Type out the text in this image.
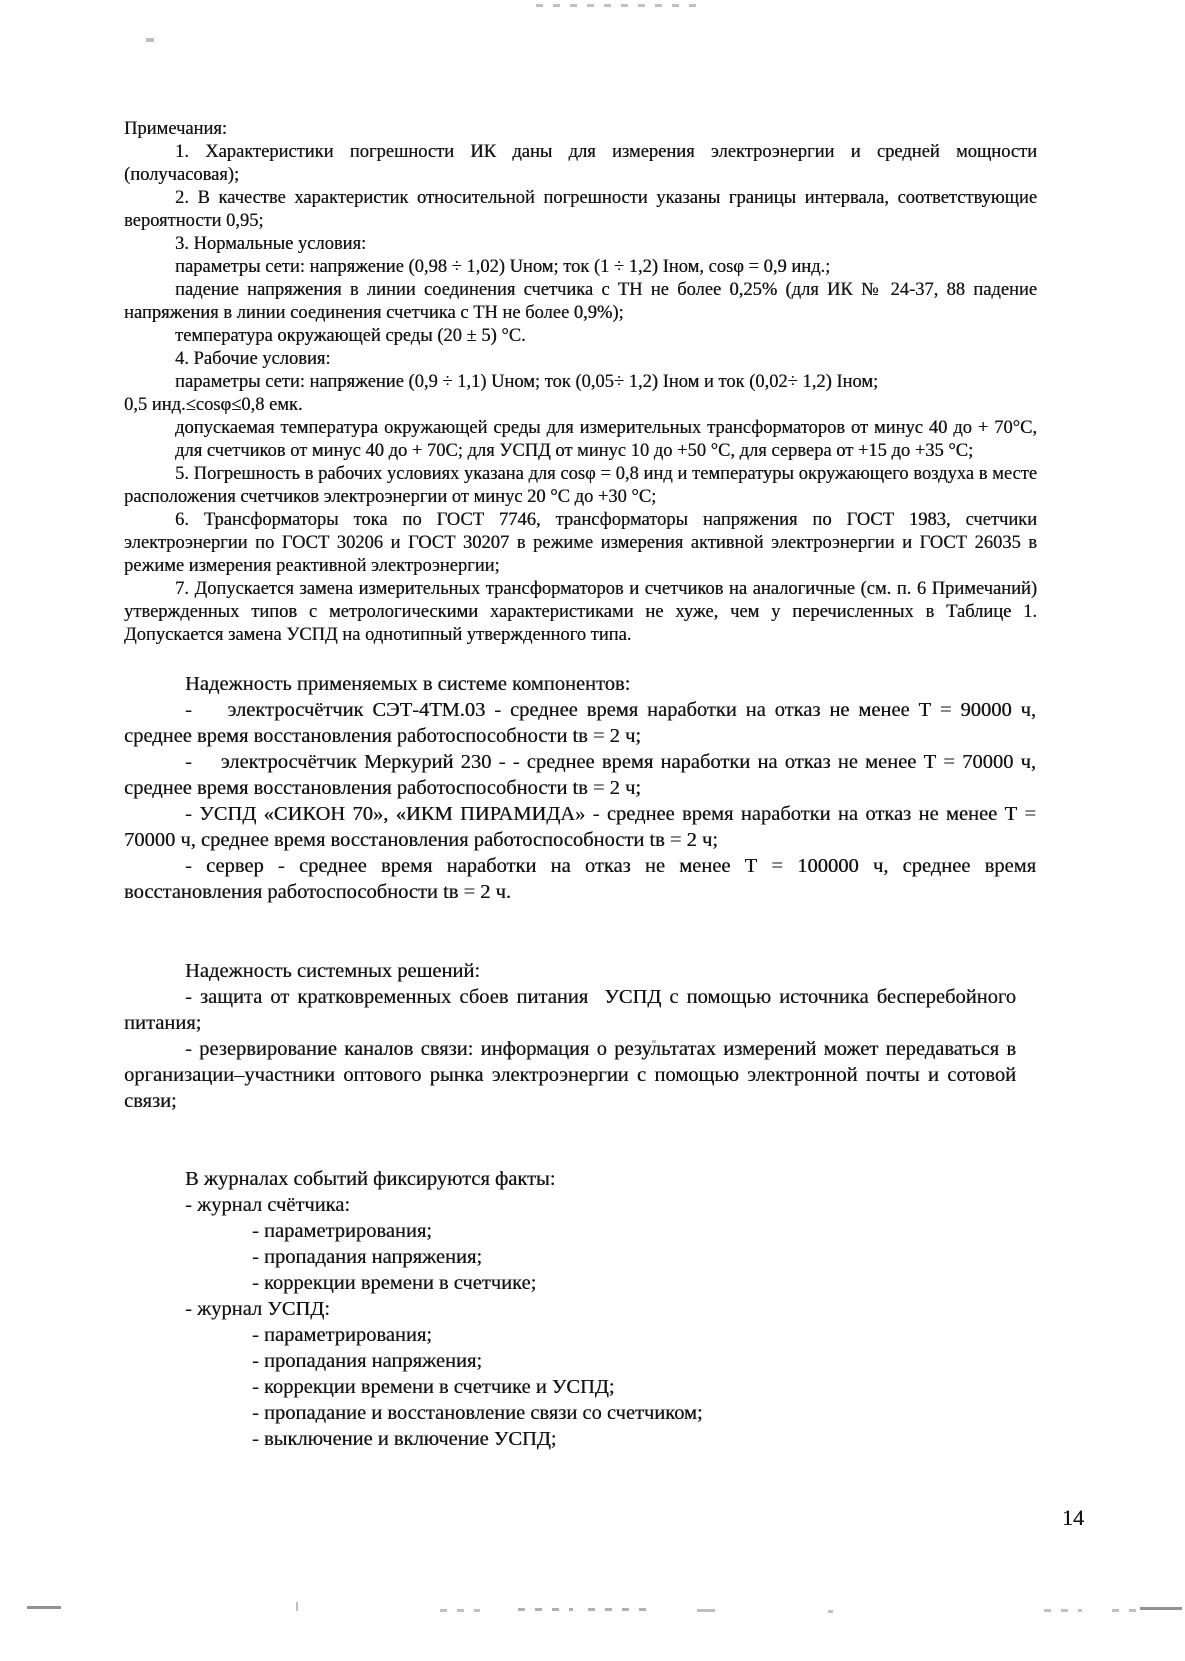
Примечания:

1. Характеристики погрешности ИК даны для измерения электроэнергии и средней мощности (получасовая);

2. В качестве характеристик относительной погрешности указаны границы интервала, соответствующие вероятности 0,95;

3. Нормальные условия:

параметры сети: напряжение (0,98 ÷ 1,02) Uном; ток (1 ÷ 1,2) Iном, cosφ = 0,9 инд.;

падение напряжения в линии соединения счетчика с ТН не более 0,25% (для ИК № 24-37, 88 падение напряжения в линии соединения счетчика с ТН не более 0,9%);

температура окружающей среды (20 ± 5) °С.

4. Рабочие условия:

параметры сети: напряжение (0,9 ÷ 1,1) Uном; ток (0,05÷ 1,2) Iном и ток (0,02÷ 1,2) Iном;

0,5 инд.≤cosφ≤0,8 емк.

допускаемая температура окружающей среды для измерительных трансформаторов от минус 40 до + 70°С, для счетчиков от минус 40 до + 70С; для УСПД от минус 10 до +50 °С, для сервера от +15 до +35 °С;

5. Погрешность в рабочих условиях указана для cosφ = 0,8 инд и температуры окружающего воздуха в месте расположения счетчиков электроэнергии от минус 20 °С до +30 °С;

6. Трансформаторы тока по ГОСТ 7746, трансформаторы напряжения по ГОСТ 1983, счетчики электроэнергии по ГОСТ 30206 и ГОСТ 30207 в режиме измерения активной электроэнергии и ГОСТ 26035 в режиме измерения реактивной электроэнергии;

7. Допускается замена измерительных трансформаторов и счетчиков на аналогичные (см. п. 6 Примечаний) утвержденных типов с метрологическими характеристиками не хуже, чем у перечисленных в Таблице 1. Допускается замена УСПД на однотипный утвержденного типа.

Надежность применяемых в системе компонентов:

-    электросчётчик СЭТ-4ТМ.03 - среднее время наработки на отказ не менее Т = 90000 ч, среднее время восстановления работоспособности tв = 2 ч;

-    электросчётчик Меркурий 230 - - среднее время наработки на отказ не менее Т = 70000 ч, среднее время восстановления работоспособности tв = 2 ч;

- УСПД «СИКОН 70», «ИКМ ПИРАМИДА» - среднее время наработки на отказ не менее Т = 70000 ч, среднее время восстановления работоспособности tв = 2 ч;

- сервер - среднее время наработки на отказ не менее Т = 100000 ч, среднее время восстановления работоспособности tв = 2 ч.

Надежность системных решений:

- защита от кратковременных сбоев питания  УСПД с помощью источника бесперебойного питания;

- резервирование каналов связи: информация о результатах измерений может передаваться в организации–участники оптового рынка электроэнергии с помощью электронной почты и сотовой связи;

В журналах событий фиксируются факты:

- журнал счётчика:

- параметрирования;

- пропадания напряжения;

- коррекции времени в счетчике;

- журнал УСПД:

- параметрирования;

- пропадания напряжения;

- коррекции времени в счетчике и УСПД;

- пропадание и восстановление связи со счетчиком;

- выключение и включение УСПД;

14
